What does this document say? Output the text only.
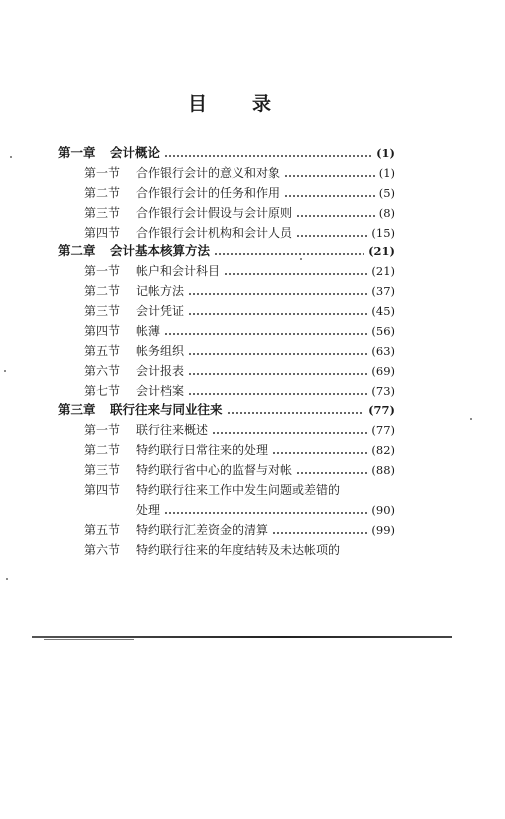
目 录
第一章	会计概论	(1)
第一节	合作银行会计的意义和对象	(1)
第二节	合作银行会计的任务和作用	(5)
第三节	合作银行会计假设与会计原则	(8)
第四节	合作银行会计机构和会计人员	(15)
第二章	会计基本核算方法	(21)
第一节	帐户和会计科目	(21)
第二节	记帐方法	(37)
第三节	会计凭证	(45)
第四节	帐薄	(56)
第五节	帐务组织	(63)
第六节	会计报表	(69)
第七节	会计档案	(73)
第三章	联行往来与同业往来	(77)
第一节	联行往来概述	(77)
第二节	特约联行日常往来的处理	(82)
第三节	特约联行省中心的监督与对帐	(88)
第四节	特约联行往来工作中发生问题或差错的
处理	(90)
第五节	特约联行汇差资金的清算	(99)
第六节	特约联行往来的年度结转及未达帐项的
